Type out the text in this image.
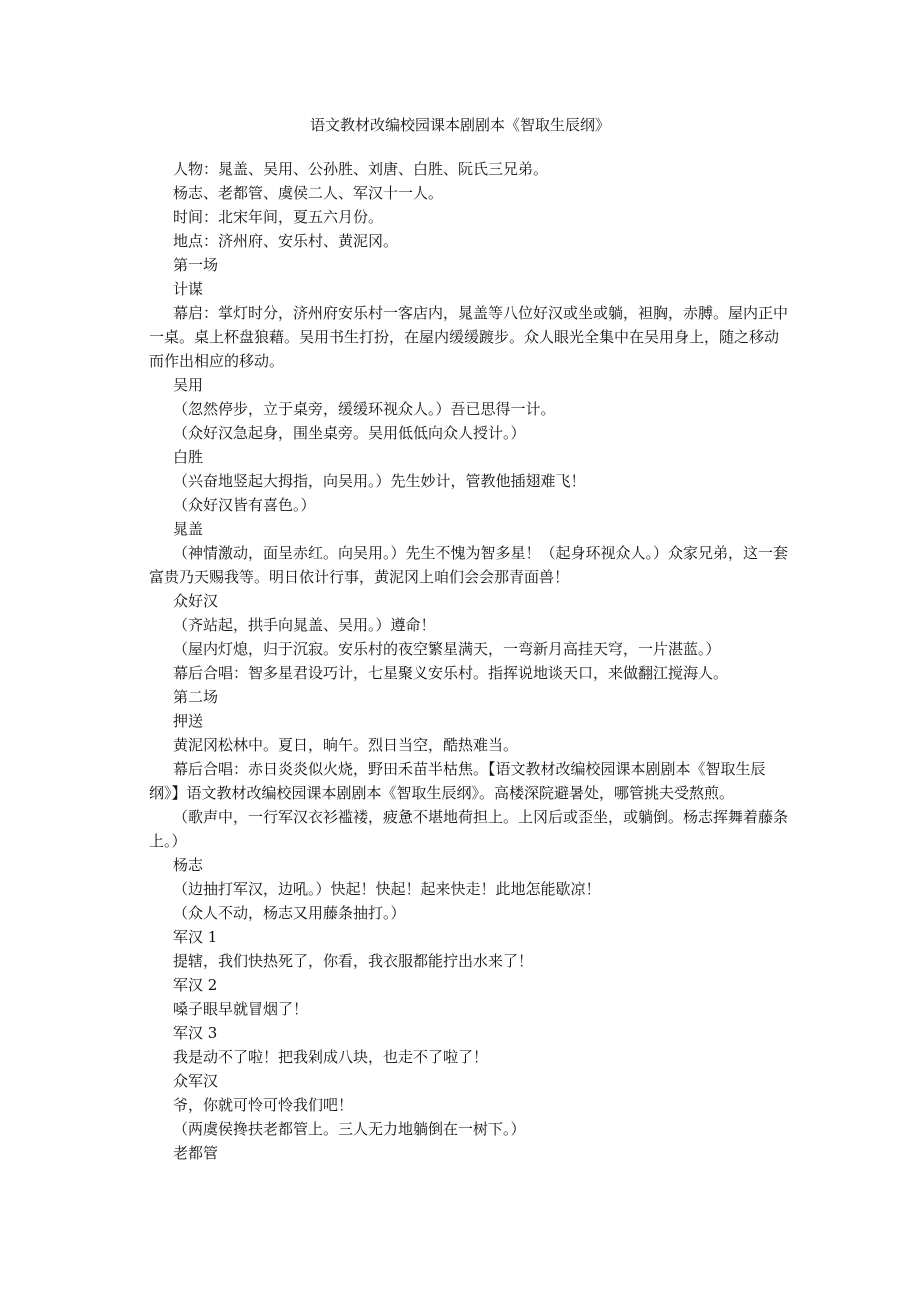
语文教材改编校园课本剧剧本《智取生辰纲》

人物：晁盖、吴用、公孙胜、刘唐、白胜、阮氏三兄弟。

杨志、老都管、虞侯二人、军汉十一人。

时间：北宋年间，夏五六月份。

地点：济州府、安乐村、黄泥冈。

第一场

计谋

幕启：掌灯时分，济州府安乐村一客店内，晁盖等八位好汉或坐或躺，袒胸，赤膊。屋内正中一桌。桌上杯盘狼藉。吴用书生打扮，在屋内缓缓踱步。众人眼光全集中在吴用身上，随之移动而作出相应的移动。

吴用

（忽然停步，立于桌旁，缓缓环视众人。）吾已思得一计。

（众好汉急起身，围坐桌旁。吴用低低向众人授计。）

白胜

（兴奋地竖起大拇指，向吴用。）先生妙计，管教他插翅难飞！

（众好汉皆有喜色。）

晁盖

（神情激动，面呈赤红。向吴用。）先生不愧为智多星！（起身环视众人。）众家兄弟，这一套富贵乃天赐我等。明日依计行事，黄泥冈上咱们会会那青面兽！

众好汉

（齐站起，拱手向晁盖、吴用。）遵命！

（屋内灯熄，归于沉寂。安乐村的夜空繁星满天，一弯新月高挂天穹，一片湛蓝。）

幕后合唱：智多星君设巧计，七星聚义安乐村。指挥说地谈天口，来做翻江搅海人。

第二场

押送

黄泥冈松林中。夏日，晌午。烈日当空，酷热难当。

幕后合唱：赤日炎炎似火烧，野田禾苗半枯焦。【语文教材改编校园课本剧剧本《智取生辰纲》】语文教材改编校园课本剧剧本《智取生辰纲》。高楼深院避暑处，哪管挑夫受熬煎。

（歌声中，一行军汉衣衫褴褛，疲惫不堪地荷担上。上冈后或歪坐，或躺倒。杨志挥舞着藤条上。）

杨志

（边抽打军汉，边吼。）快起！快起！起来快走！此地怎能歇凉！

（众人不动，杨志又用藤条抽打。）

军汉 1

提辖，我们快热死了，你看，我衣服都能拧出水来了！

军汉 2

嗓子眼早就冒烟了！

军汉 3

我是动不了啦！把我剁成八块，也走不了啦了！

众军汉

爷，你就可怜可怜我们吧！

（两虞侯搀扶老都管上。三人无力地躺倒在一树下。）

老都管
